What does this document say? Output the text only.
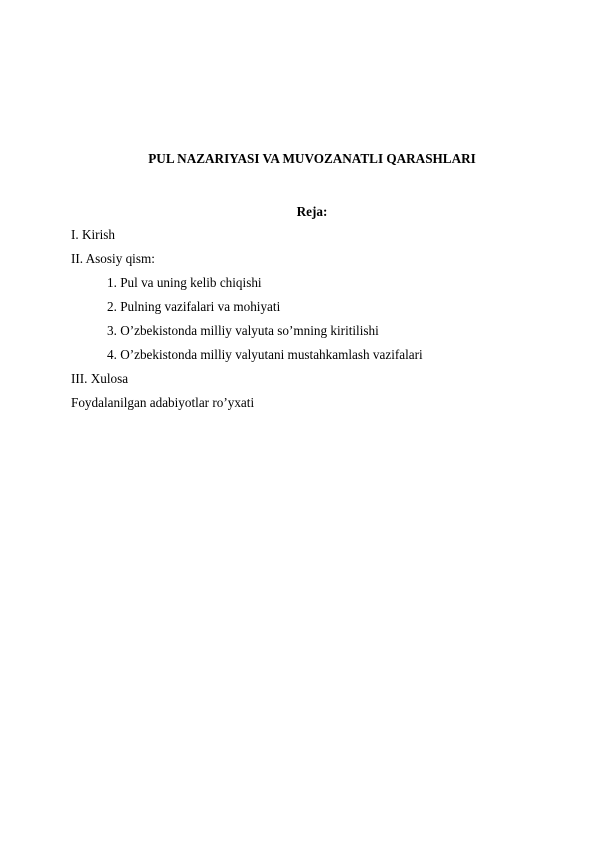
PUL NAZARIYASI VA MUVOZANATLI QARASHLARI
Reja:
I. Kirish
II. Asosiy qism:
1. Pul va uning kelib chiqishi
2. Pulning vazifalari va mohiyati
3. O’zbekistonda milliy valyuta so’mning kiritilishi
4. O’zbekistonda milliy valyutani mustahkamlash vazifalari
III. Xulosa
Foydalanilgan adabiyotlar ro’yxati
